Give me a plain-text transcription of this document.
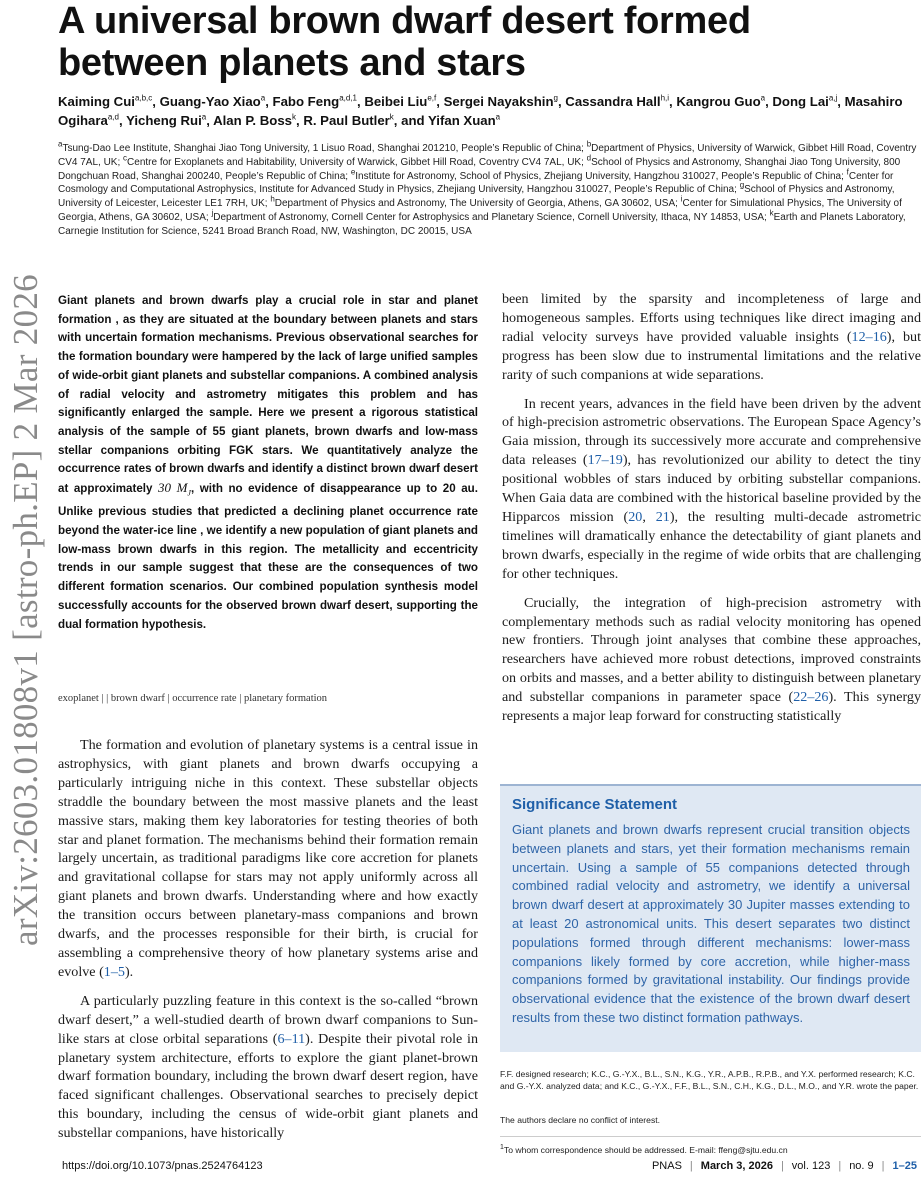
arXiv:2603.01808v1 [astro-ph.EP] 2 Mar 2026
A universal brown dwarf desert formed between planets and stars
Kaiming Cui$^{a,b,c}$, Guang-Yao Xiao$^a$, Fabo Feng$^{a,d,1}$, Beibei Liu$^{e,f}$, Sergei Nayakshin$^g$, Cassandra Hall$^{h,i}$, Kangrou Guo$^a$, Dong Lai$^{a,j}$, Masahiro Ogihara$^{a,d}$, Yicheng Rui$^a$, Alan P. Boss$^k$, R. Paul Butler$^k$, and Yifan Xuan$^a$
$^a$Tsung-Dao Lee Institute, Shanghai Jiao Tong University, 1 Lisuo Road, Shanghai 201210, People’s Republic of China; $^b$Department of Physics, University of Warwick, Gibbet Hill Road, Coventry CV4 7AL, UK; $^c$Centre for Exoplanets and Habitability, University of Warwick, Gibbet Hill Road, Coventry CV4 7AL, UK; $^d$School of Physics and Astronomy, Shanghai Jiao Tong University, 800 Dongchuan Road, Shanghai 200240, People’s Republic of China; $^e$Institute for Astronomy, School of Physics, Zhejiang University, Hangzhou 310027, People’s Republic of China; $^f$Center for Cosmology and Computational Astrophysics, Institute for Advanced Study in Physics, Zhejiang University, Hangzhou 310027, People’s Republic of China; $^g$School of Physics and Astronomy, University of Leicester, Leicester LE1 7RH, UK; $^h$Department of Physics and Astronomy, The University of Georgia, Athens, GA 30602, USA; $^i$Center for Simulational Physics, The University of Georgia, Athens, GA 30602, USA; $^j$Department of Astronomy, Cornell Center for Astrophysics and Planetary Science, Cornell University, Ithaca, NY 14853, USA; $^k$Earth and Planets Laboratory, Carnegie Institution for Science, 5241 Broad Branch Road, NW, Washington, DC 20015, USA
Giant planets and brown dwarfs play a crucial role in star and planet formation , as they are situated at the boundary between planets and stars with uncertain formation mechanisms. Previous observational searches for the formation boundary were hampered by the lack of large unified samples of wide-orbit giant planets and substellar companions. A combined analysis of radial velocity and astrometry mitigates this problem and has significantly enlarged the sample. Here we present a rigorous statistical analysis of the sample of 55 giant planets, brown dwarfs and low-mass stellar companions orbiting FGK stars. We quantitatively analyze the occurrence rates of brown dwarfs and identify a distinct brown dwarf desert at approximately 30 $M_J$, with no evidence of disappearance up to 20 au. Unlike previous studies that predicted a declining planet occurrence rate beyond the water-ice line , we identify a new population of giant planets and low-mass brown dwarfs in this region. The metallicity and eccentricity trends in our sample suggest that these are the consequences of two different formation scenarios. Our combined population synthesis model successfully accounts for the observed brown dwarf desert, supporting the dual formation hypothesis.
exoplanet | | brown dwarf | occurrence rate | planetary formation

The formation and evolution of planetary systems is a central issue in astrophysics, with giant planets and brown dwarfs occupying a particularly intriguing niche in this context. These substellar objects straddle the boundary between the most massive planets and the least massive stars, making them key laboratories for testing theories of both star and planet formation. The mechanisms behind their formation remain largely uncertain, as traditional paradigms like core accretion for planets and gravitational collapse for stars may not apply uniformly across all giant planets and brown dwarfs. Understanding where and how exactly the transition occurs between planetary-mass companions and brown dwarfs, and the processes responsible for their birth, is crucial for assembling a comprehensive theory of how planetary systems arise and evolve (1–5).

A particularly puzzling feature in this context is the so-called “brown dwarf desert,” a well-studied dearth of brown dwarf companions to Sun-like stars at close orbital separations (6–11). Despite their pivotal role in planetary system architecture, efforts to explore the giant planet-brown dwarf formation boundary, including the brown dwarf desert region, have faced significant challenges. Observational searches to precisely depict this boundary, including the census of wide-orbit giant planets and substellar companions, have historically

been limited by the sparsity and incompleteness of large and homogeneous samples. Efforts using techniques like direct imaging and radial velocity surveys have provided valuable insights (12–16), but progress has been slow due to instrumental limitations and the relative rarity of such companions at wide separations.

In recent years, advances in the field have been driven by the advent of high-precision astrometric observations. The European Space Agency’s Gaia mission, through its successively more accurate and comprehensive data releases (17–19), has revolutionized our ability to detect the tiny positional wobbles of stars induced by orbiting substellar companions. When Gaia data are combined with the historical baseline provided by the Hipparcos mission (20, 21), the resulting multi-decade astrometric timelines will dramatically enhance the detectability of giant planets and brown dwarfs, especially in the regime of wide orbits that are challenging for other techniques.

Crucially, the integration of high-precision astrometry with complementary methods such as radial velocity monitoring has opened new frontiers. Through joint analyses that combine these approaches, researchers have achieved more robust detections, improved constraints on orbits and masses, and a better ability to distinguish between planetary and substellar companions in parameter space (22–26). This synergy represents a major leap forward for constructing statistically

Significance Statement

Giant planets and brown dwarfs represent crucial transition objects between planets and stars, yet their formation mechanisms remain uncertain. Using a sample of 55 companions detected through combined radial velocity and astrometry, we identify a universal brown dwarf desert at approximately 30 Jupiter masses extending to at least 20 astronomical units. This desert separates two distinct populations formed through different mechanisms: lower-mass companions likely formed by core accretion, while higher-mass companions formed by gravitational instability. Our findings provide observational evidence that the existence of the brown dwarf desert results from these two distinct formation pathways.

F.F. designed research; K.C., G.-Y.X., B.L., S.N., K.G., Y.R., A.P.B., R.P.B., and Y.X. performed research; K.C. and G.-Y.X. analyzed data; and K.C., G.-Y.X., F.F., B.L., S.N., C.H., K.G., D.L., M.O., and Y.R. wrote the paper.
The authors declare no conflict of interest.
$^1$To whom correspondence should be addressed. E-mail: ffeng@sjtu.edu.cn
https://doi.org/10.1073/pnas.2524764123	PNAS | March 3, 2026 | vol. 123 | no. 9 | 1–25
